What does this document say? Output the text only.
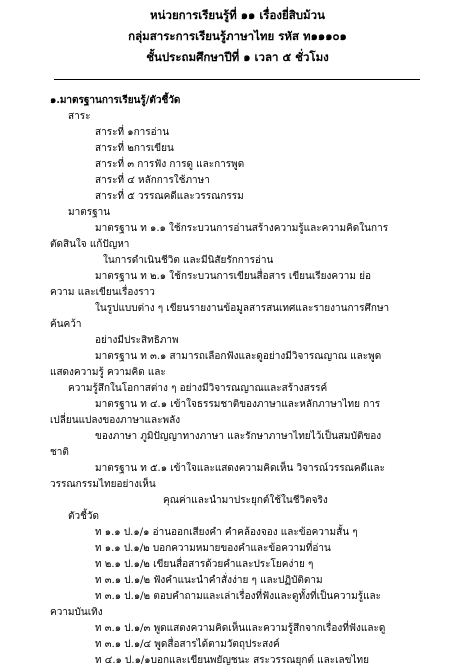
หน่วยการเรียนรู้ที่ ๑๑ เรื่องยี่สิบม้วน
กลุ่มสาระการเรียนรู้ภาษาไทย รหัส ท๑๑๑๐๑
ชั้นประถมศึกษาปีที่ ๑ เวลา ๕ ชั่วโมง
๑.มาตรฐานการเรียนรู้/ตัวชี้วัด
สาระ
สาระที่ ๑การอ่าน
สาระที่ ๒การเขียน
สาระที่ ๓ การฟัง การดู และการพูด
สาระที่ ๔ หลักการใช้ภาษา
สาระที่ ๕ วรรณคดีและวรรณกรรม
มาตรฐาน
มาตรฐาน ท ๑.๑ ใช้กระบวนการอ่านสร้างความรู้และความคิดในการ
ตัดสินใจ แก้ปัญหา
ในการดำเนินชีวิต และมีนิสัยรักการอ่าน
มาตรฐาน ท ๒.๑ ใช้กระบวนการเขียนสื่อสาร เขียนเรียงความ ย่อ
ความ และเขียนเรื่องราว
ในรูปแบบต่าง ๆ เขียนรายงานข้อมูลสารสนเทศและรายงานการศึกษา
ค้นคว้า
อย่างมีประสิทธิภาพ
มาตรฐาน ท ๓.๑ สามารถเลือกฟังและดูอย่างมีวิจารณญาณ และพูด
แสดงความรู้ ความคิด และ
ความรู้สึกในโอกาสต่าง ๆ อย่างมีวิจารณญาณและสร้างสรรค์
มาตรฐาน ท ๔.๑ เข้าใจธรรมชาติของภาษาและหลักภาษาไทย การ
เปลี่ยนแปลงของภาษาและพลัง
ของภาษา ภูมิปัญญาทางภาษา และรักษาภาษาไทยไว้เป็นสมบัติของ
ชาติ
มาตรฐาน ท ๕.๑ เข้าใจและแสดงความคิดเห็น วิจารณ์วรรณคดีและ
วรรณกรรมไทยอย่างเห็น
คุณค่าและนำมาประยุกต์ใช้ในชีวิตจริง
ตัวชี้วัด
ท ๑.๑ ป.๑/๑ อ่านออกเสียงคำ คำคล้องจอง และข้อความสั้น ๆ
ท ๑.๑ ป.๑/๒ บอกความหมายของคำและข้อความที่อ่าน
ท ๒.๑ ป.๑/๒ เขียนสื่อสารด้วยคำและประโยคง่าย ๆ
ท ๓.๑ ป.๑/๒ ฟังคำแนะนำคำสั่งง่าย ๆ และปฏิบัติตาม
ท ๓.๑ ป.๑/๒ ตอบคำถามและเล่าเรื่องที่ฟังและดูทั้งที่เป็นความรู้และ
ความบันเทิง
ท ๓.๑ ป.๑/๓ พูดแสดงความคิดเห็นและความรู้สึกจากเรื่องที่ฟังและดู
ท ๓.๑ ป.๑/๔ พูดสื่อสารได้ตามวัตถุประสงค์
ท ๔.๑ ป.๑/๑บอกและเขียนพยัญชนะ สระวรรณยุกต์ และเลขไทย
